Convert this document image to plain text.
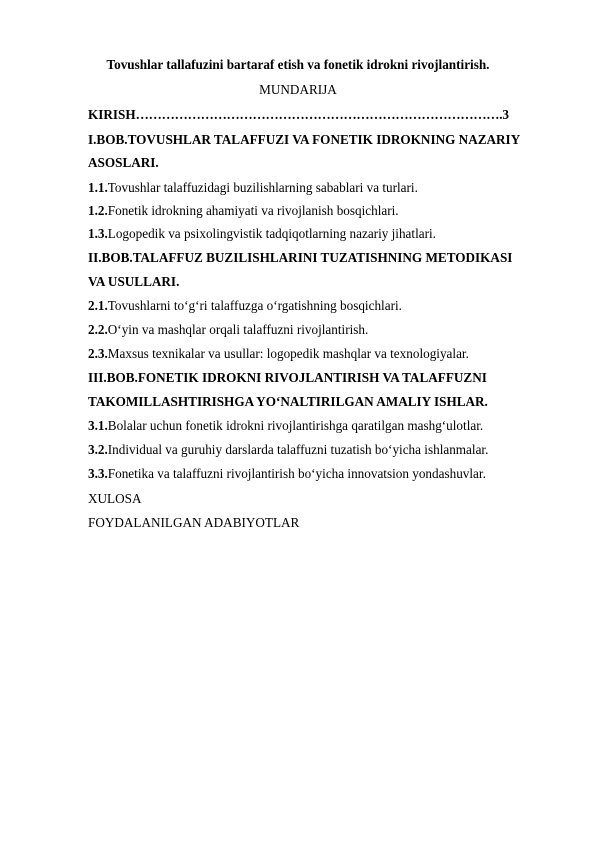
Tovushlar tallafuzini bartaraf etish va fonetik idrokni rivojlantirish.
MUNDARIJA
KIRISH………………………………………………………………………….3
I.BOB.TOVUSHLAR TALAFFUZI VA FONETIK IDROKNING NAZARIY
ASOSLARI.
1.1.Tovushlar talaffuzidagi buzilishlarning sabablari va turlari.
1.2.Fonetik idrokning ahamiyati va rivojlanish bosqichlari.
1.3.Logopedik va psixolingvistik tadqiqotlarning nazariy jihatlari.
II.BOB.TALAFFUZ BUZILISHLARINI TUZATISHNING METODIKASI
VA USULLARI.
2.1.Tovushlarni to‘g‘ri talaffuzga o‘rgatishning bosqichlari.
2.2.O‘yin va mashqlar orqali talaffuzni rivojlantirish.
2.3.Maxsus texnikalar va usullar: logopedik mashqlar va texnologiyalar.
III.BOB.FONETIK IDROKNI RIVOJLANTIRISH VA TALAFFUZNI
TAKOMILLASHTIRISHGA YO‘NALTIRILGAN AMALIY ISHLAR.
3.1.Bolalar uchun fonetik idrokni rivojlantirishga qaratilgan mashg‘ulotlar.
3.2.Individual va guruhiy darslarda talaffuzni tuzatish bo‘yicha ishlanmalar.
3.3.Fonetika va talaffuzni rivojlantirish bo‘yicha innovatsion yondashuvlar.
XULOSA
FOYDALANILGAN ADABIYOTLAR
